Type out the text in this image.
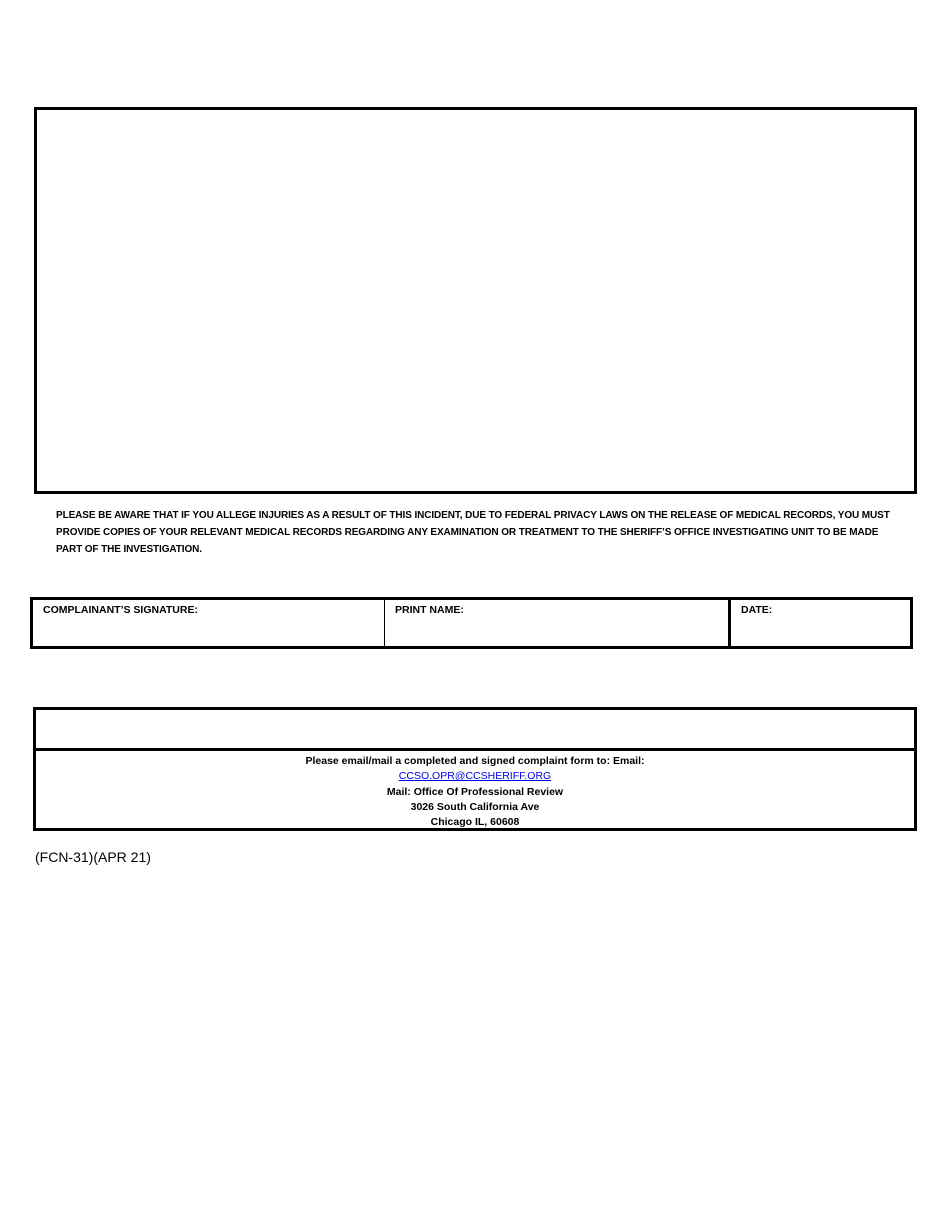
PLEASE BE AWARE THAT IF YOU ALLEGE INJURIES AS A RESULT OF THIS INCIDENT, DUE TO FEDERAL PRIVACY LAWS ON THE RELEASE OF MEDICAL RECORDS, YOU MUST PROVIDE COPIES OF YOUR RELEVANT MEDICAL RECORDS REGARDING ANY EXAMINATION OR TREATMENT TO THE SHERIFF’S OFFICE INVESTIGATING UNIT TO BE MADE PART OF THE INVESTIGATION.
COMPLAINANT’S SIGNATURE:	PRINT NAME:	DATE:
Please email/mail a completed and signed complaint form to: Email:
CCSO.OPR@CCSHERIFF.ORG
Mail: Office Of Professional Review
3026 South California Ave
Chicago IL, 60608
(FCN-31)(APR 21)
